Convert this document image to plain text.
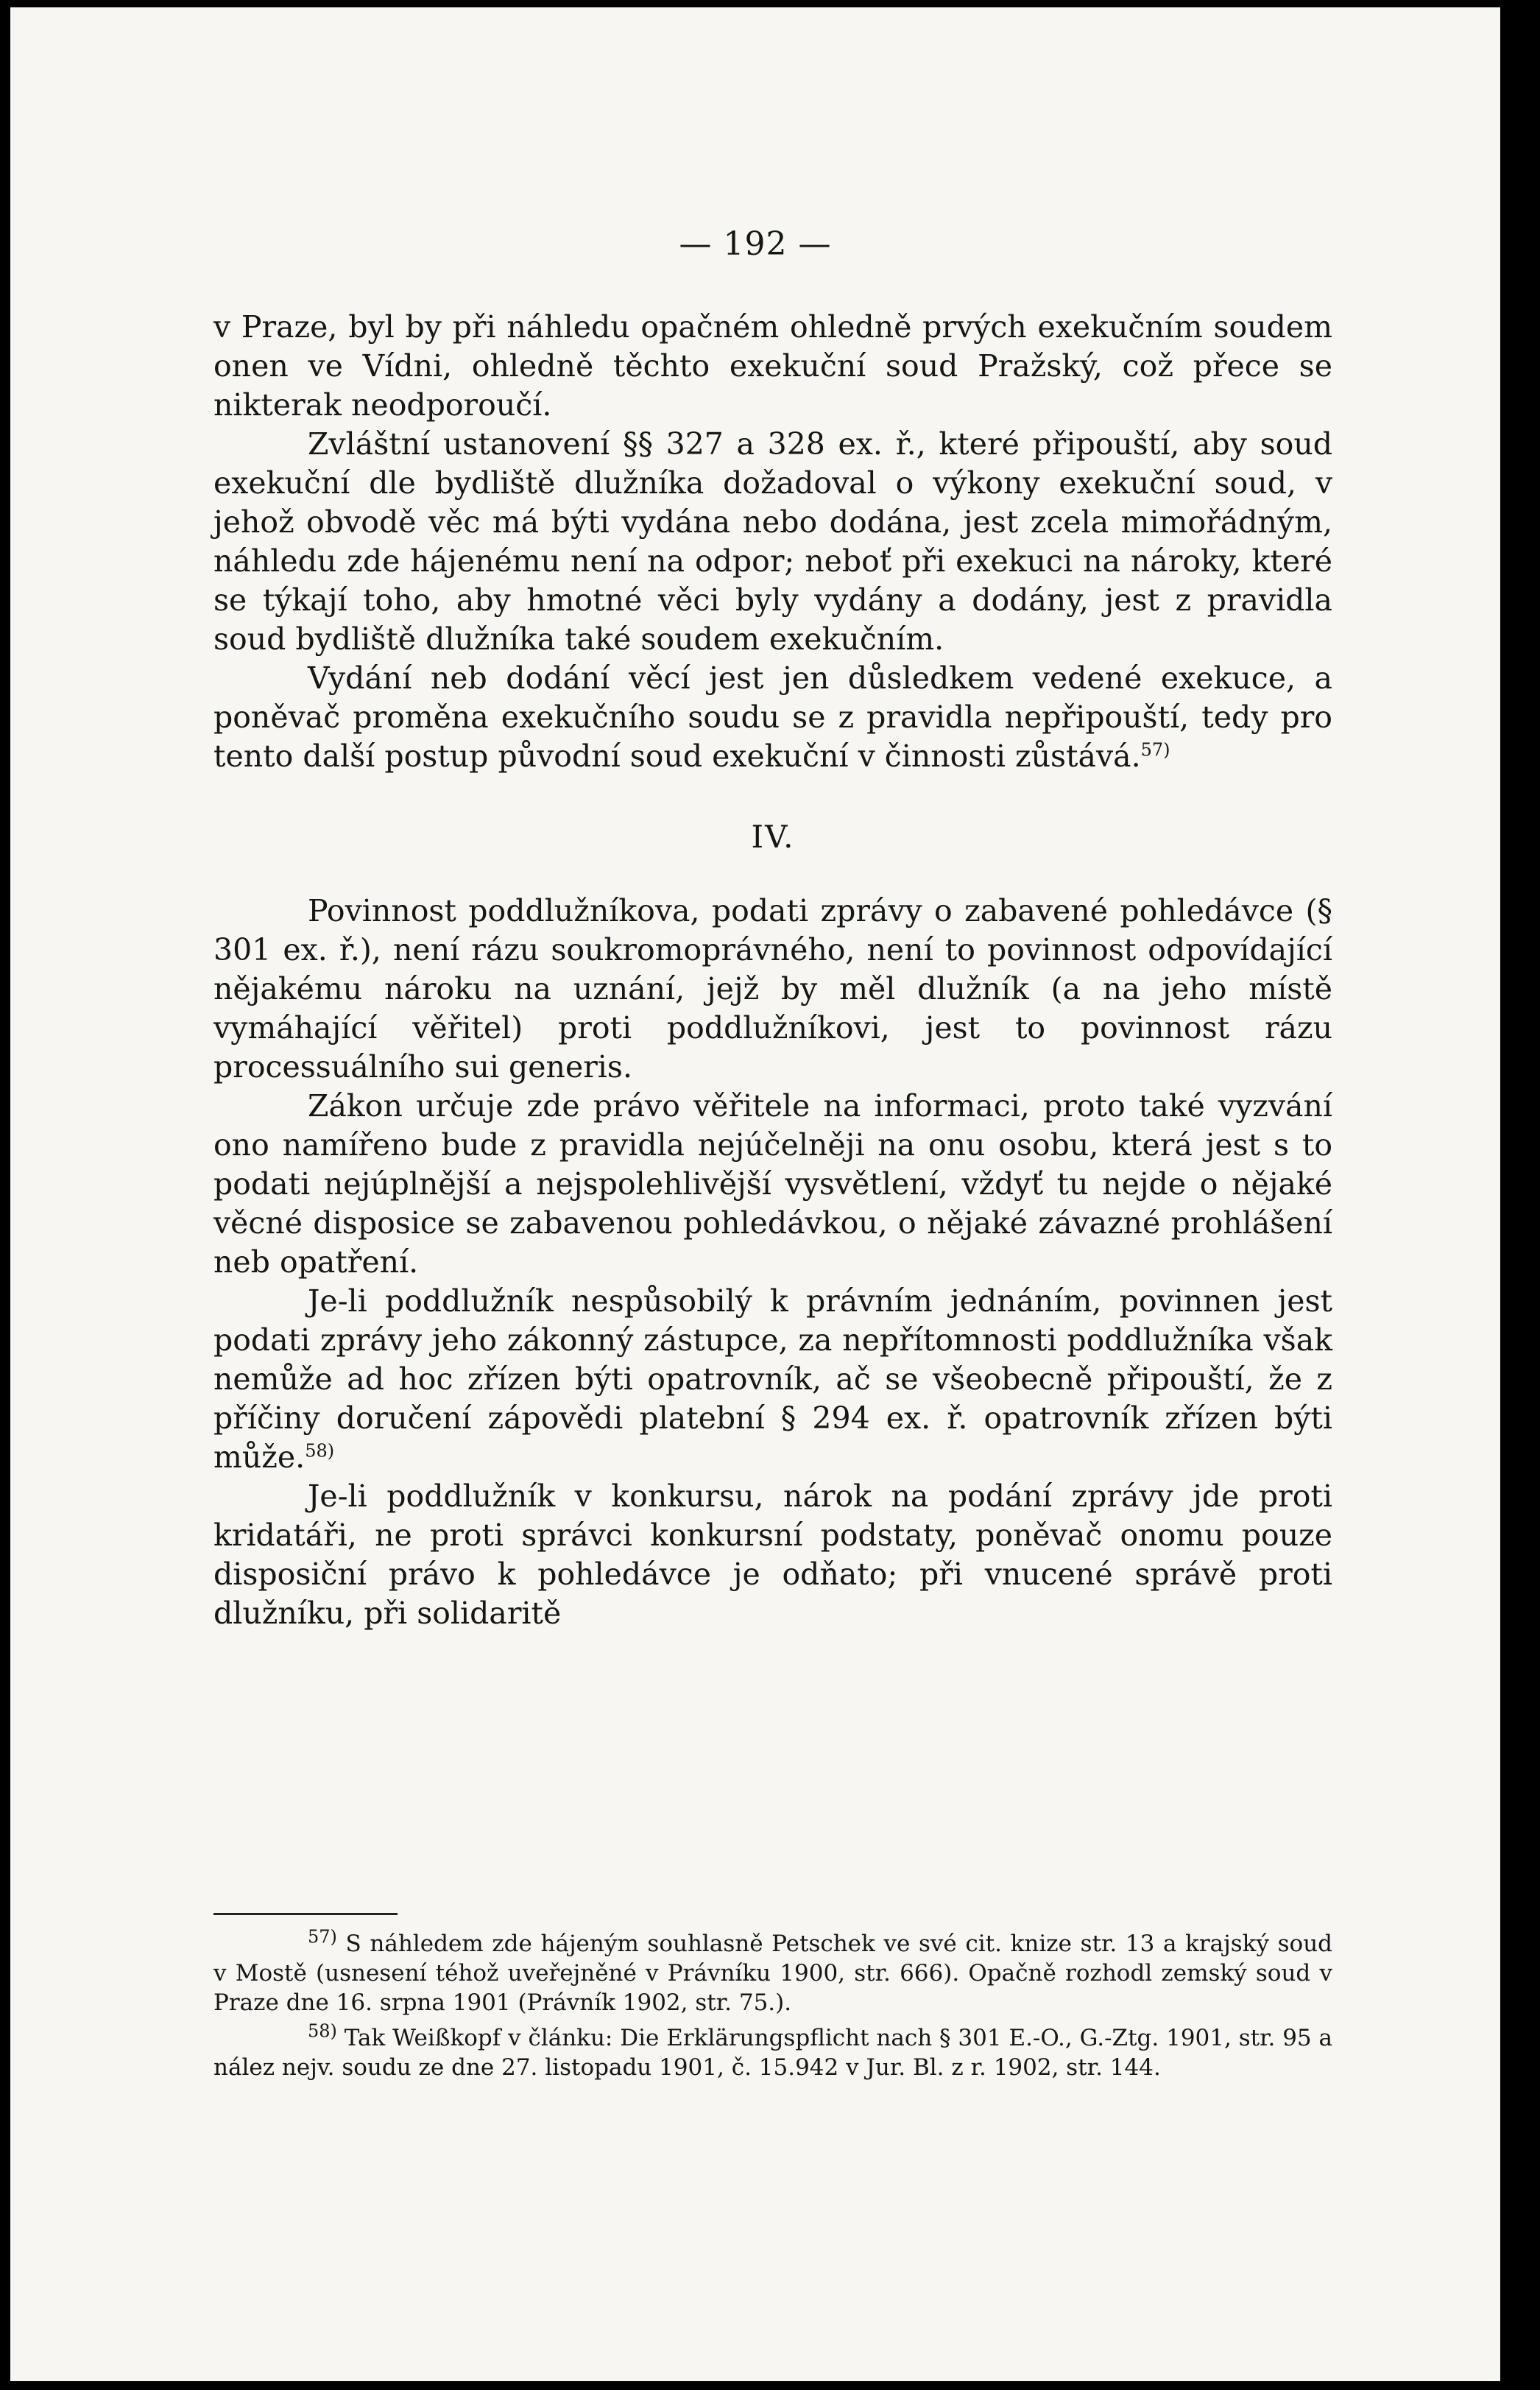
— 192 —

v Praze, byl by při náhledu opačném ohledně prvých exekučním soudem onen ve Vídni, ohledně těchto exekuční soud Pražský, což přece se nikterak neodporoučí.

Zvláštní ustanovení §§ 327 a 328 ex. ř., které připouští, aby soud exekuční dle bydliště dlužníka dožadoval o výkony exekuční soud, v jehož obvodě věc má býti vydána nebo dodána, jest zcela mimořádným, náhledu zde hájenému není na odpor; neboť při exekuci na nároky, které se týkají toho, aby hmotné věci byly vydány a dodány, jest z pravidla soud bydliště dlužníka také soudem exekučním.

Vydání neb dodání věcí jest jen důsledkem vedené exekuce, a poněvač proměna exekučního soudu se z pravidla nepřipouští, tedy pro tento další postup původní soud exekuční v činnosti zůstává.$^{57)}$

IV.

Povinnost poddlužníkova, podati zprávy o zabavené pohledávce (§ 301 ex. ř.), není rázu soukromoprávného, není to povinnost odpovídající nějakému nároku na uznání, jejž by měl dlužník (a na jeho místě vymáhající věřitel) proti poddlužníkovi, jest to povinnost rázu processuálního sui generis.

Zákon určuje zde právo věřitele na informaci, proto také vyzvání ono namířeno bude z pravidla nejúčelněji na onu osobu, která jest s to podati nejúplnější a nejspolehlivější vysvětlení, vždyť tu nejde o nějaké věcné disposice se zabavenou pohledávkou, o nějaké závazné prohlášení neb opatření.

Je-li poddlužník nespůsobilý k právním jednáním, povinnen jest podati zprávy jeho zákonný zástupce, za nepřítomnosti poddlužníka však nemůže ad hoc zřízen býti opatrovník, ač se všeobecně připouští, že z příčiny doručení zápovědi platební § 294 ex. ř. opatrovník zřízen býti může.$^{58)}$

Je-li poddlužník v konkursu, nárok na podání zprávy jde proti kridatáři, ne proti správci konkursní podstaty, poněvač onomu pouze disposiční právo k pohledávce je odňato; při vnucené správě proti dlužníku, při solidaritě

$^{57)}$ S náhledem zde hájeným souhlasně Petschek ve své cit. knize str. 13 a krajský soud v Mostě (usnesení téhož uveřejněné v Právníku 1900, str. 666). Opačně rozhodl zemský soud v Praze dne 16. srpna 1901 (Právník 1902, str. 75.).

$^{58)}$ Tak Weißkopf v článku: Die Erklärungspflicht nach § 301 E.-O., G.-Ztg. 1901, str. 95 a nález nejv. soudu ze dne 27. listopadu 1901, č. 15.942 v Jur. Bl. z r. 1902, str. 144.
